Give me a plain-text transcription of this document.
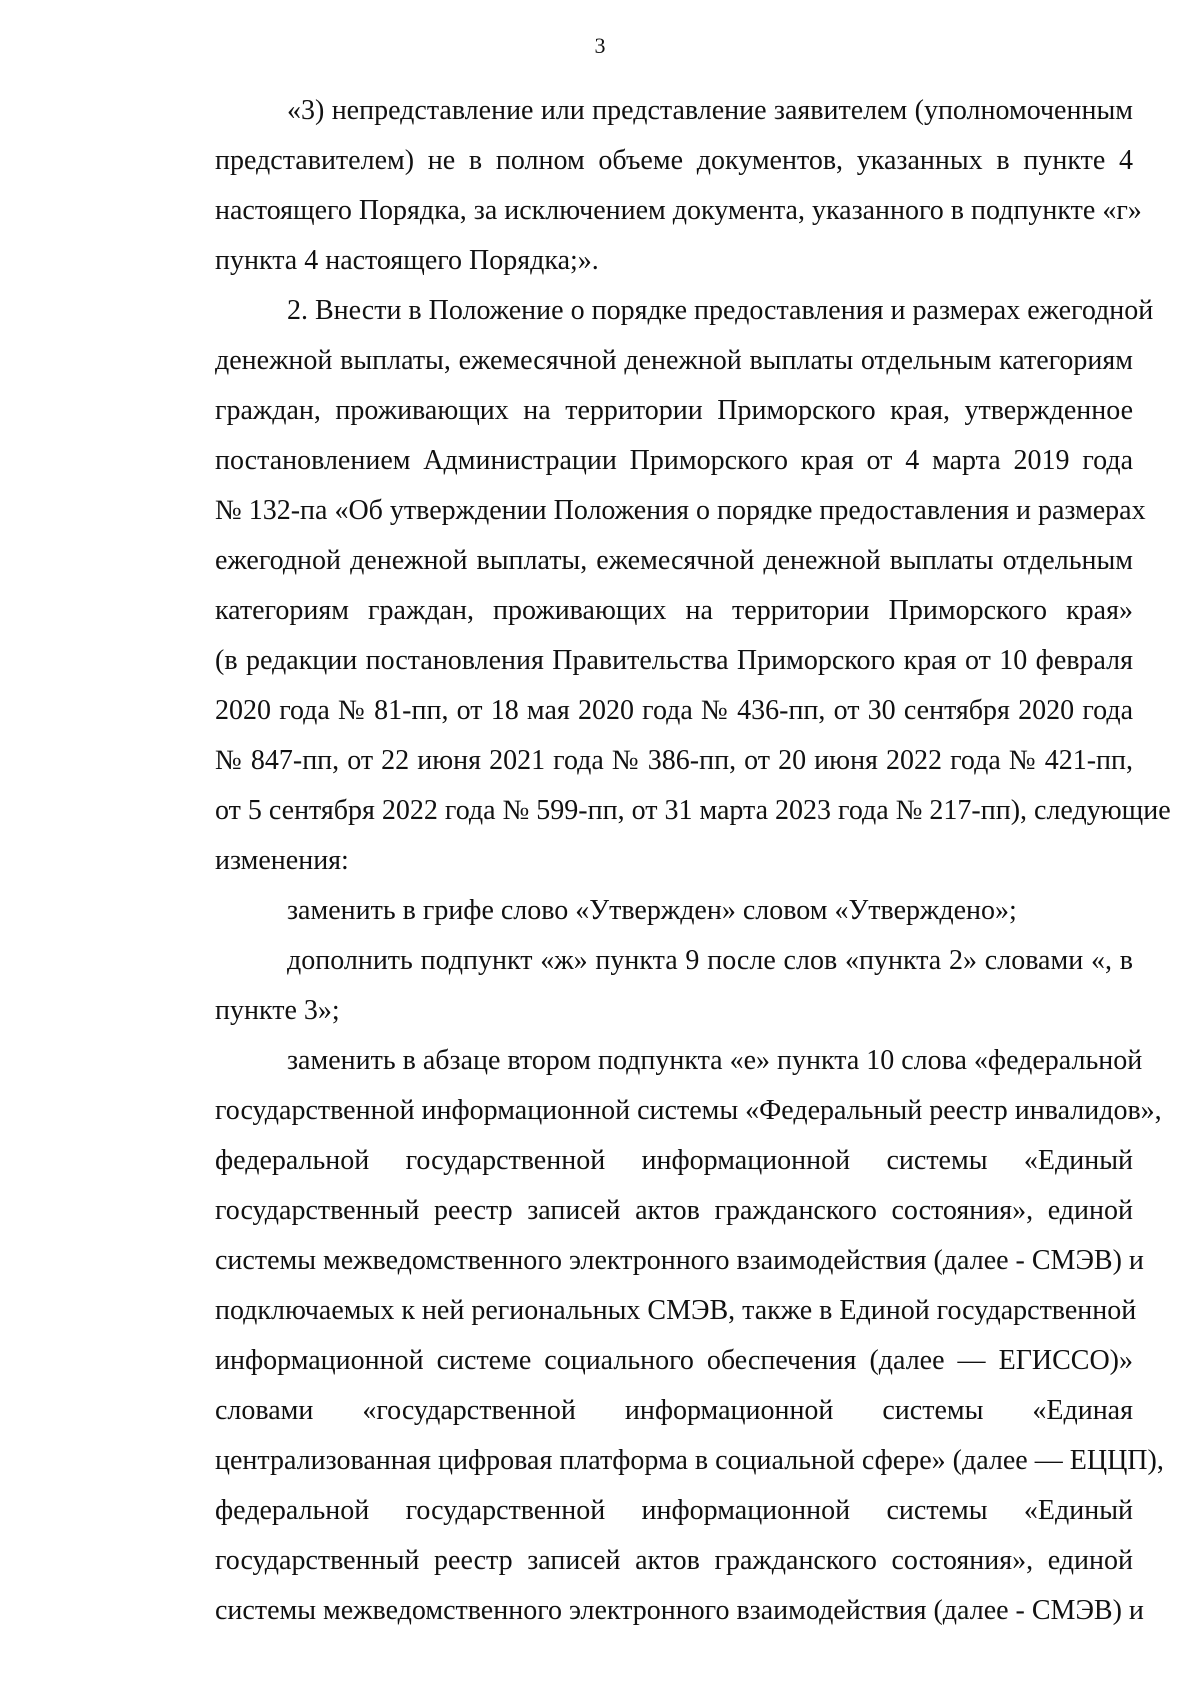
3
«3) непредставление или представление заявителем (уполномоченным
представителем) не в полном объеме документов, указанных в пункте 4
настоящего Порядка, за исключением документа, указанного в подпункте «г»
пункта 4 настоящего Порядка;».
2. Внести в Положение о порядке предоставления и размерах ежегодной
денежной выплаты, ежемесячной денежной выплаты отдельным категориям
граждан, проживающих на территории Приморского края, утвержденное
постановлением Администрации Приморского края от 4 марта 2019 года
№ 132-па «Об утверждении Положения о порядке предоставления и размерах
ежегодной денежной выплаты, ежемесячной денежной выплаты отдельным
категориям граждан, проживающих на территории Приморского края»
(в редакции постановления Правительства Приморского края от 10 февраля
2020 года № 81-пп, от 18 мая 2020 года № 436-пп, от 30 сентября 2020 года
№ 847-пп, от 22 июня 2021 года № 386-пп, от 20 июня 2022 года № 421-пп,
от 5 сентября 2022 года № 599-пп, от 31 марта 2023 года № 217-пп), следующие
изменения:
заменить в грифе слово «Утвержден» словом «Утверждено»;
дополнить подпункт «ж» пункта 9 после слов «пункта 2» словами «, в
пункте 3»;
заменить в абзаце втором подпункта «е» пункта 10 слова «федеральной
государственной информационной системы «Федеральный реестр инвалидов»,
федеральной государственной информационной системы «Единый
государственный реестр записей актов гражданского состояния», единой
системы межведомственного электронного взаимодействия (далее - СМЭВ) и
подключаемых к ней региональных СМЭВ, также в Единой государственной
информационной системе социального обеспечения (далее — ЕГИССО)»
словами «государственной информационной системы «Единая
централизованная цифровая платформа в социальной сфере» (далее — ЕЦЦП),
федеральной государственной информационной системы «Единый
государственный реестр записей актов гражданского состояния», единой
системы межведомственного электронного взаимодействия (далее - СМЭВ) и
